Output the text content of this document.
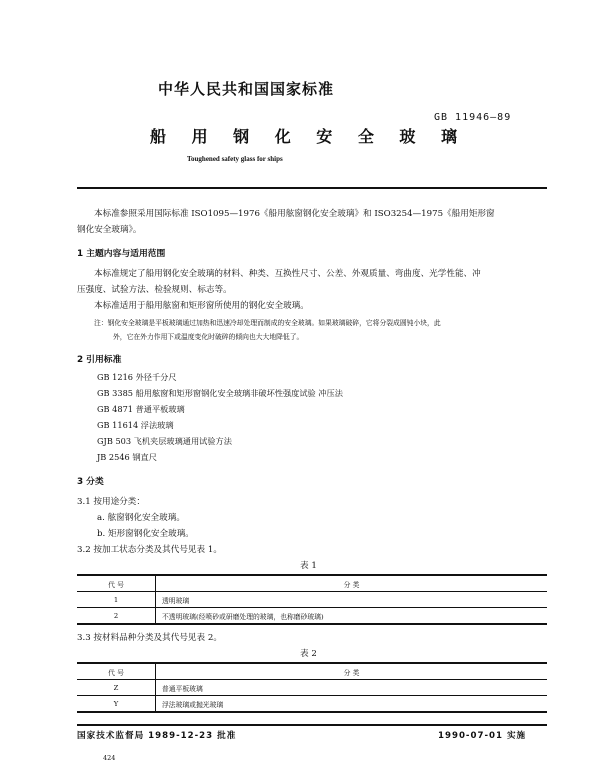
中华人民共和国国家标准
GB 11946—89
船 用 钢 化 安 全 玻 璃
Toughened safety glass for ships
本标准参照采用国际标准 ISO1095—1976《船用舷窗钢化安全玻璃》和 ISO3254—1975《船用矩形窗
钢化安全玻璃》。
1 主题内容与适用范围
本标准规定了船用钢化安全玻璃的材料、种类、互换性尺寸、公差、外观质量、弯曲度、光学性能、冲
压强度、试验方法、检验规则、标志等。
本标准适用于船用舷窗和矩形窗所使用的钢化安全玻璃。
注：钢化安全玻璃是平板玻璃通过加热和迅速冷却处理而制成的安全玻璃。如果玻璃破碎，它将分裂成圆钝小块，此
外，它在外力作用下或温度变化时破碎的倾向也大大地降低了。
2 引用标准
GB 1216 外径千分尺
GB 3385 船用舷窗和矩形窗钢化安全玻璃非破坏性强度试验 冲压法
GB 4871 普通平板玻璃
GB 11614 浮法玻璃
GJB 503 飞机夹层玻璃通用试验方法
JB 2546 钢直尺
3 分类
3.1 按用途分类：
a. 舷窗钢化安全玻璃。
b. 矩形窗钢化安全玻璃。
3.2 按加工状态分类及其代号见表 1。
表 1
代 号	分 类
1	透明玻璃
2	不透明玻璃(经喷砂或研磨处理的玻璃，也称磨砂玻璃)
3.3 按材料品种分类及其代号见表 2。
表 2
代 号	分 类
Z	普通平板玻璃
Y	浮法玻璃或抛光玻璃
国家技术监督局 1989-12-23 批准	1990-07-01 实施
424
